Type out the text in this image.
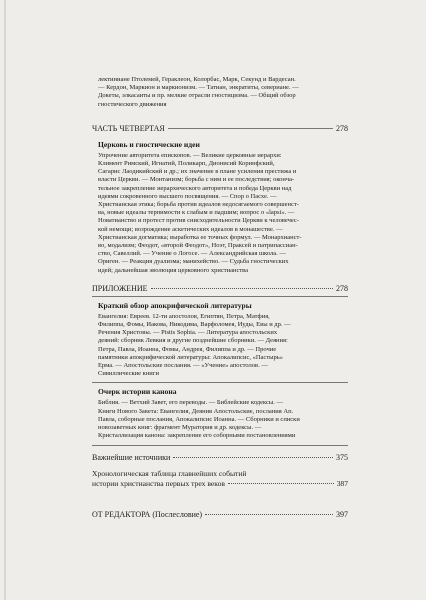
лектиниане Птолемей, Гераклеон, Колорбас, Марк, Секунд и Вардесан.

— Кердон, Маркион и маркионизм. — Татиан, энкратиты, севериане. —

Докеты, элкасаиты и пр. мелкие отрасли гностицизма. — Общий обзор

гностического движения

ЧАСТЬ ЧЕТВЕРТАЯ	278
Церковь и гностические идеи

Упрочение авторитета епископов. — Великие церковные иерархи:

Климент Римский, Игнатий, Поликарп, Дионисий Коринфский,

Сагарис Лаодикийский и др.; их значение в плане усиления престижа и

власти Церкви. — Монтанизм; борьба с ним и ее последствия; оконча-

тельное закрепление иерархического авторитета и победа Церкви над

идеями сокровенного высшего посвящения. — Спор о Пасхе. —

Христианская этика; борьба против идеалов недосягаемого совершенст-

ва, новые идеалы терпимости к слабым и падшим; вопрос о «lapsi». —

Новатианство и протест против снисходительности Церкви к человечес-

кой немощи; возрождение аскетических идеалов в монашестве. —

Христианская догматика; выработка ее точных формул. — Монархианст-

во, модализм; Феодот, «второй Феодот», Ноэт, Праксей и патрипассиан-

ство, Савеллий. — Учение о Логосе. — Александрийская школа. —

Ориген. — Реакция дуализма; манихейство. — Судьба гностических

идей; дальнейшая эволюция церковного христианства

ПРИЛОЖЕНИЕ	278
Краткий обзор апокрифической литературы

Евангелия: Евреев. 12-ти апостолов, Египтян, Петра, Матфия,

Филиппа, Фомы, Иакова, Никодима, Варфоломея, Иуды, Евы и др. —

Речения Христовы. — Pistis Sophia. — Литература апостольских

деяний: сборник Левкия и другие позднейшие сборники. — Деяния:

Петра, Павла, Иоанна, Фомы, Андрея, Филиппа и др. — Прочие

памятники апокрифической литературы: Апокалипсис, «Пастырь»

Ерма. — Апостольские послания. — «Учение» апостолов. —

Сивиллические книги

Очерк истории канона

Библия. — Ветхий Завет, его переводы. — Библейские кодексы. —

Книги Нового Завета: Евангелия, Деяния Апостольские, послания Ап.

Павла, соборные послания, Апокалипсис Иоанна. — Сборники и списки

новозаветных книг: фрагмент Муратория и др. кодексы. —

Кристаллизация канона: закрепление его соборными постановлениями

Важнейшие источники	375
Хронологическая таблица главнейших событий
истории христианства первых трех веков	387
ОТ РЕДАКТОРА (Послесловие)	397
